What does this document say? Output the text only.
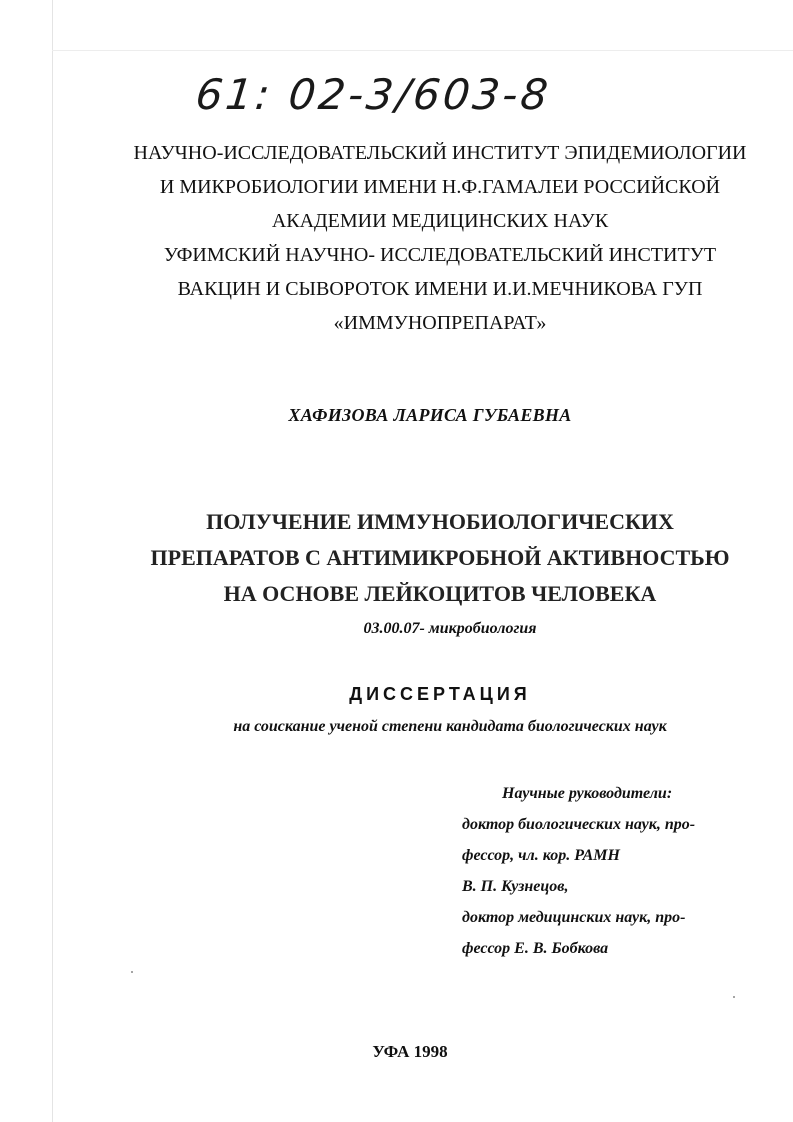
61: 02-3/603-8
НАУЧНО-ИССЛЕДОВАТЕЛЬСКИЙ ИНСТИТУТ ЭПИДЕМИОЛОГИИ
И МИКРОБИОЛОГИИ ИМЕНИ Н.Ф.ГАМАЛЕИ РОССИЙСКОЙ
АКАДЕМИИ МЕДИЦИНСКИХ НАУК
УФИМСКИЙ НАУЧНО- ИССЛЕДОВАТЕЛЬСКИЙ ИНСТИТУТ
ВАКЦИН И СЫВОРОТОК ИМЕНИ И.И.МЕЧНИКОВА ГУП
«ИММУНОПРЕПАРАТ»
ХАФИЗОВА ЛАРИСА ГУБАЕВНА
ПОЛУЧЕНИЕ ИММУНОБИОЛОГИЧЕСКИХ
ПРЕПАРАТОВ С АНТИМИКРОБНОЙ АКТИВНОСТЬЮ
НА ОСНОВЕ ЛЕЙКОЦИТОВ ЧЕЛОВЕКА
03.00.07- микробиология
ДИССЕРТАЦИЯ
на соискание ученой степени кандидата биологических наук
Научные руководители:
доктор биологических наук, про-
фессор, чл. кор. РАМН
В. П. Кузнецов,
доктор медицинских наук, про-
фессор Е. В. Бобкова
УФА 1998
